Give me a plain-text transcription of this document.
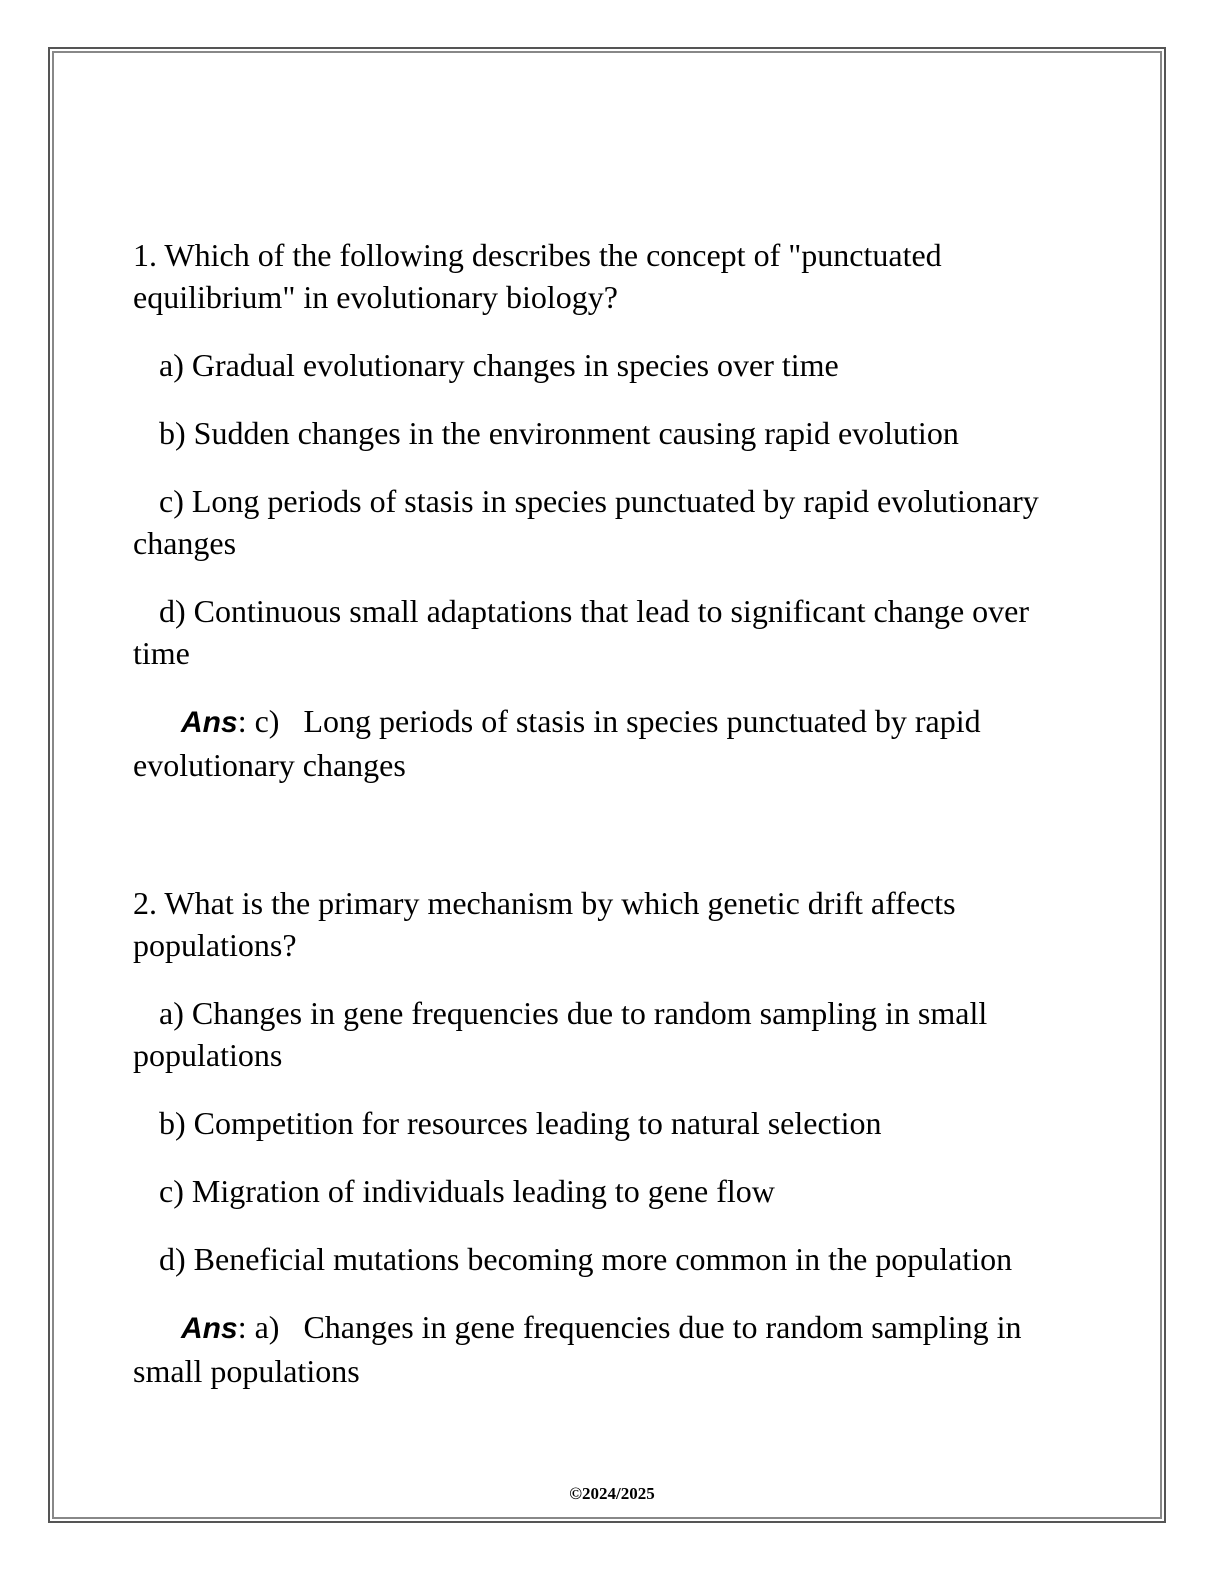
1. Which of the following describes the concept of "punctuated equilibrium" in evolutionary biology?

a) Gradual evolutionary changes in species over time

b) Sudden changes in the environment causing rapid evolution

c) Long periods of stasis in species punctuated by rapid evolutionary changes

d) Continuous small adaptations that lead to significant change over time

Ans: c) Long periods of stasis in species punctuated by rapid evolutionary changes

2. What is the primary mechanism by which genetic drift affects populations?

a) Changes in gene frequencies due to random sampling in small populations

b) Competition for resources leading to natural selection

c) Migration of individuals leading to gene flow

d) Beneficial mutations becoming more common in the population

Ans: a) Changes in gene frequencies due to random sampling in small populations

©2024/2025
